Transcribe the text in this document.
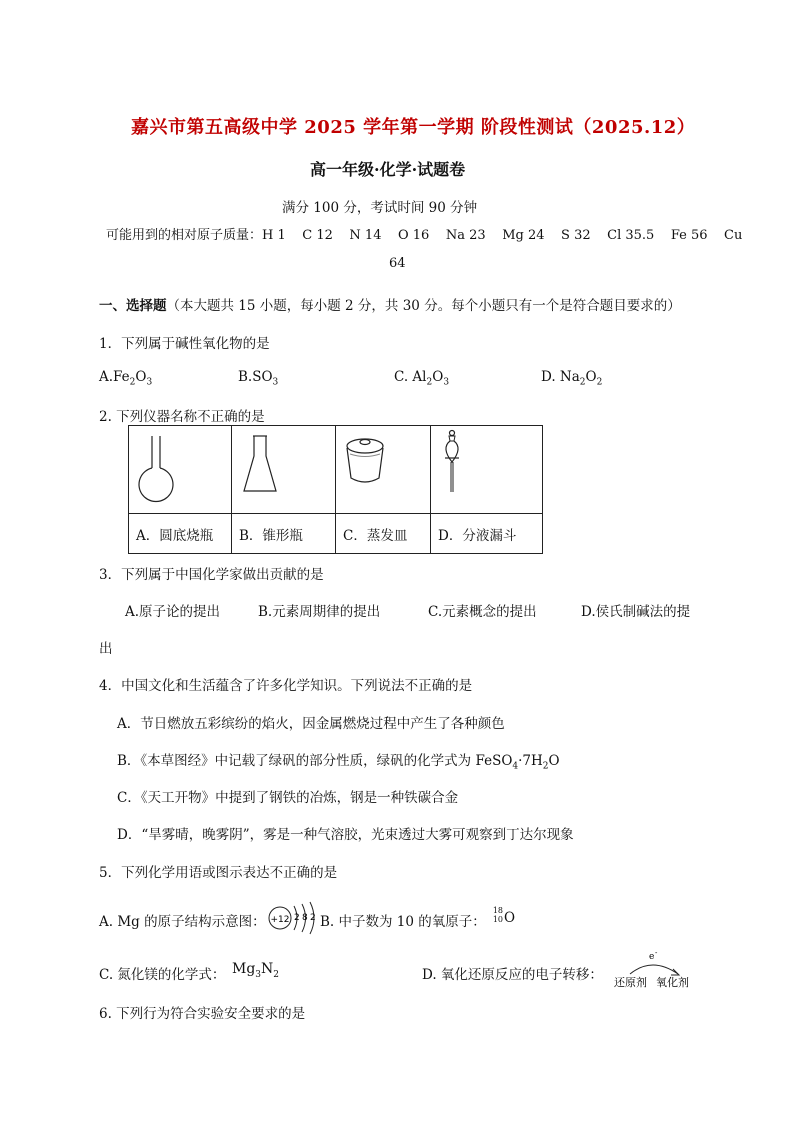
嘉兴市第五高级中学 2025 学年第一学期 阶段性测试（2025.12）
高一年级·化学·试题卷
满分 100 分，考试时间 90 分钟
可能用到的相对原子质量：H 1    C 12    N 14    O 16    Na 23    Mg 24    S 32    Cl 35.5    Fe 56    Cu
64
一、选择题（本大题共 15 小题，每小题 2 分，共 30 分。每个小题只有一个是符合题目要求的）
1．下列属于碱性氧化物的是
$A.Fe_2O_3$	$B.SO_3$	C. $Al_2O_3$	D. $Na_2O_2$
2. 下列仪器名称不正确的是

A．圆底烧瓶	B．锥形瓶	C．蒸发皿	D．分液漏斗
3．下列属于中国化学家做出贡献的是
A.原子论的提出	B.元素周期律的提出	C.元素概念的提出	D.侯氏制碱法的提
出
4．中国文化和生活蕴含了许多化学知识。下列说法不正确的是
A．节日燃放五彩缤纷的焰火，因金属燃烧过程中产生了各种颜色
B．《本草图经》中记载了绿矾的部分性质，绿矾的化学式为 $FeSO_4\cdot 7H_2O$
C．《天工开物》中提到了钢铁的冶炼，钢是一种铁碳合金
D．“旱雾晴，晚雾阴”，雾是一种气溶胶，光束透过大雾可观察到丁达尔现象
5．下列化学用语或图示表达不正确的是
A. Mg 的原子结构示意图： +12 2 8 2 B. 中子数为 10 的氧原子：
18
10 O
C. 氮化镁的化学式： $Mg_3N_2$	D. 氧化还原反应的电子转移：
e -
还原剂 氧化剂
6. 下列行为符合实验安全要求的是
